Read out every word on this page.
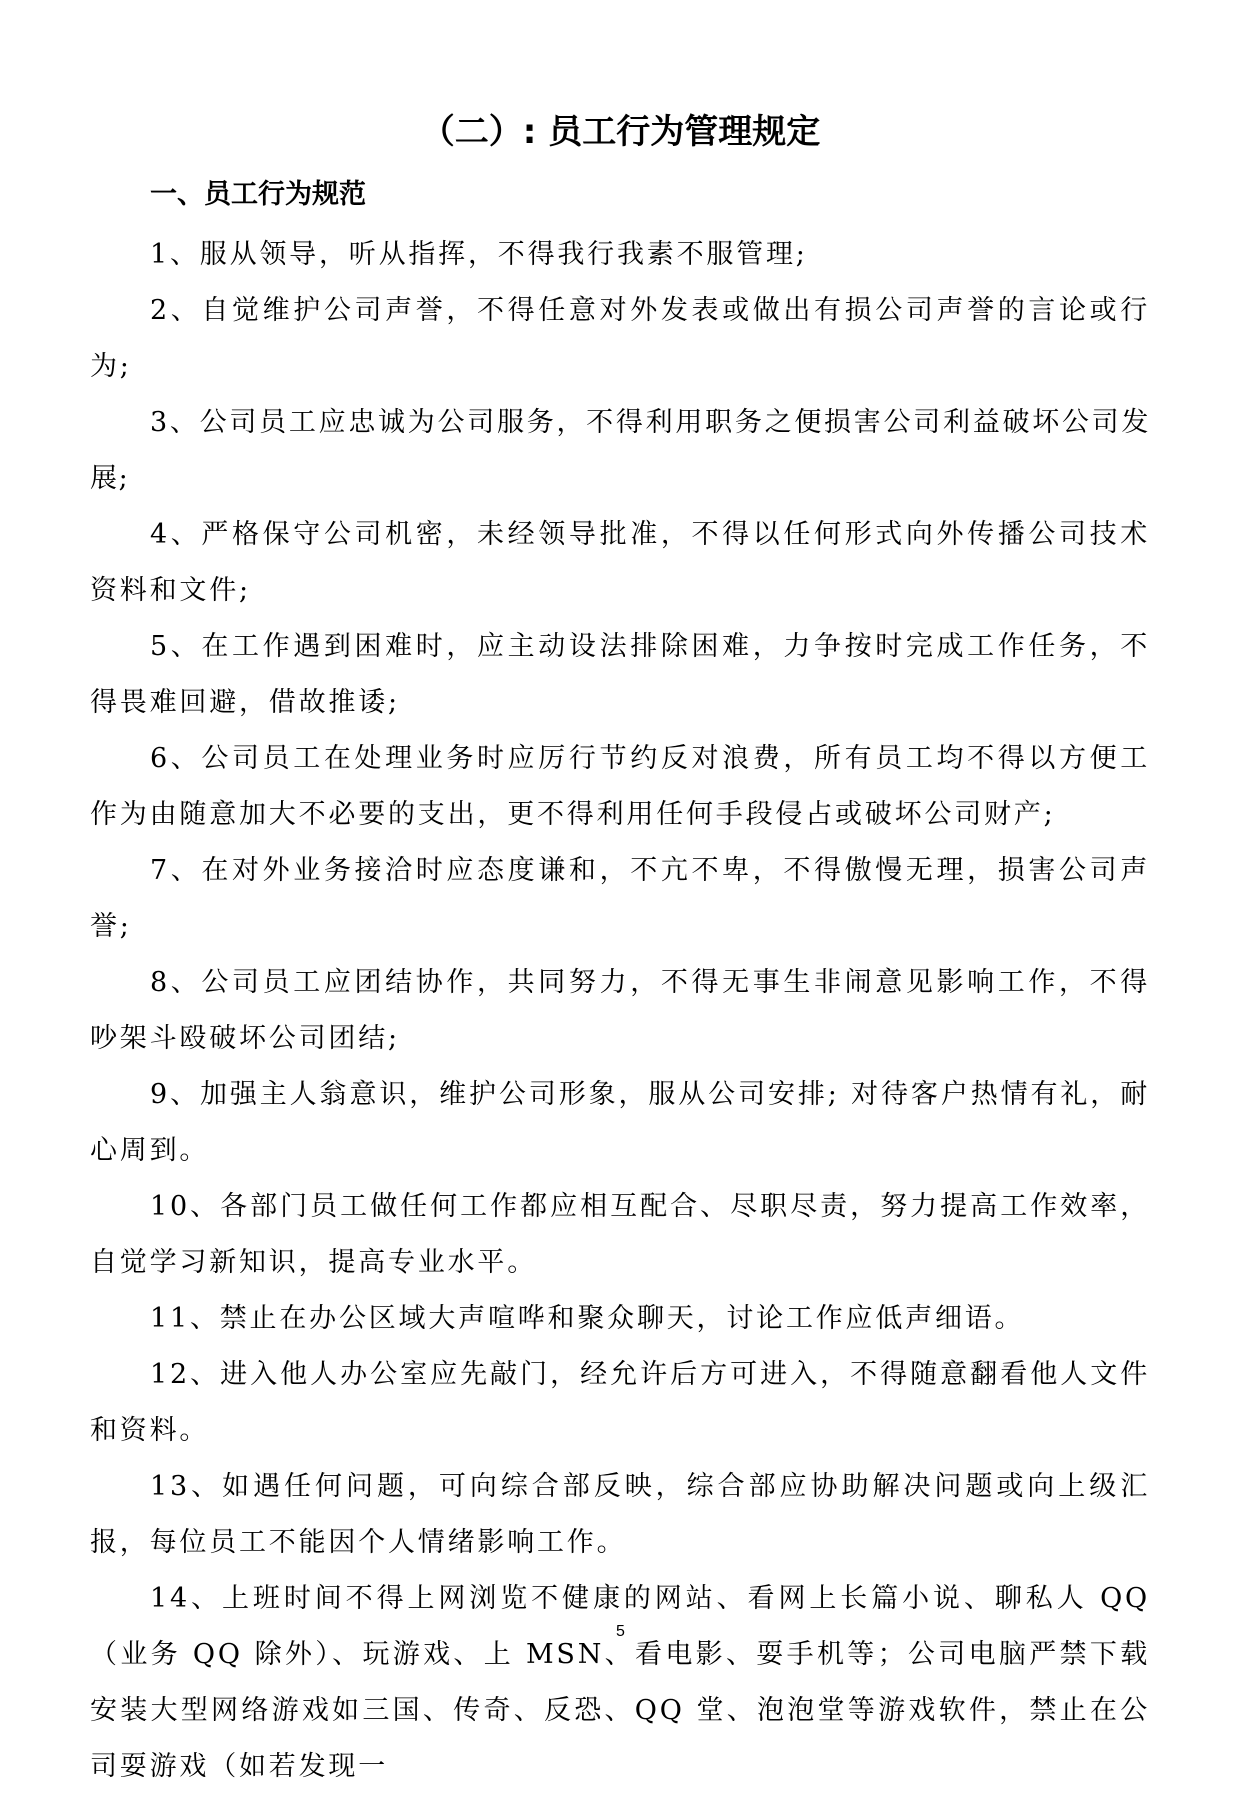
（二）: 员工行为管理规定
一、员工行为规范

1、服从领导，听从指挥，不得我行我素不服管理;

2、自觉维护公司声誉，不得任意对外发表或做出有损公司声誉的言论或行为;

3、公司员工应忠诚为公司服务，不得利用职务之便损害公司利益破坏公司发展;

4、严格保守公司机密，未经领导批准，不得以任何形式向外传播公司技术资料和文件;

5、在工作遇到困难时，应主动设法排除困难，力争按时完成工作任务，不得畏难回避，借故推诿;

6、公司员工在处理业务时应厉行节约反对浪费，所有员工均不得以方便工作为由随意加大不必要的支出，更不得利用任何手段侵占或破坏公司财产;

7、在对外业务接洽时应态度谦和，不亢不卑，不得傲慢无理，损害公司声誉;

8、公司员工应团结协作，共同努力，不得无事生非闹意见影响工作，不得吵架斗殴破坏公司团结;

9、加强主人翁意识，维护公司形象，服从公司安排; 对待客户热情有礼，耐心周到。

10、各部门员工做任何工作都应相互配合、尽职尽责，努力提高工作效率，自觉学习新知识，提高专业水平。

11、禁止在办公区域大声喧哗和聚众聊天，讨论工作应低声细语。

12、进入他人办公室应先敲门，经允许后方可进入，不得随意翻看他人文件和资料。

13、如遇任何问题，可向综合部反映，综合部应协助解决问题或向上级汇报，每位员工不能因个人情绪影响工作。

14、上班时间不得上网浏览不健康的网站、看网上长篇小说、聊私人 QQ（业务 QQ 除外）、玩游戏、上 MSN、看电影、耍手机等；公司电脑严禁下载安装大型网络游戏如三国、传奇、反恐、QQ 堂、泡泡堂等游戏软件，禁止在公司耍游戏（如若发现一

5
